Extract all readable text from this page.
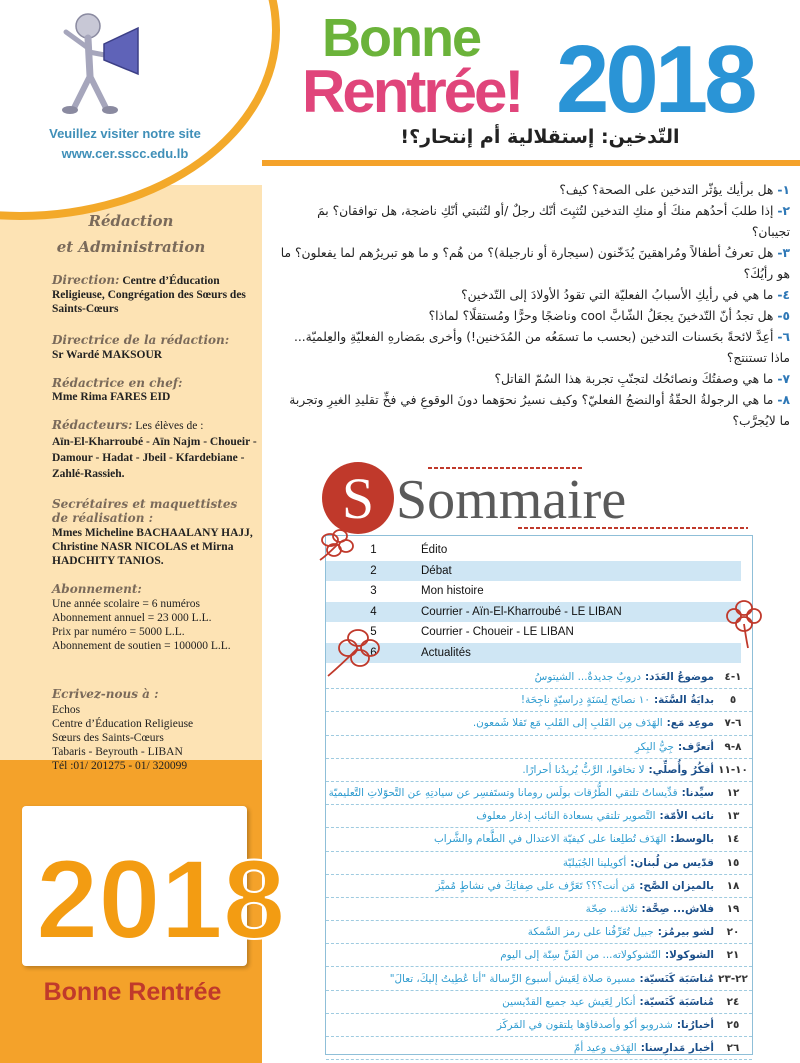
Veuillez visiter notre site
www.cer.sscc.edu.lb
Rédaction
et Administration
Direction: Centre d’Éducation Religieuse, Congrégation des Sœurs des Saints-Cœurs
Directrice de la rédaction:
Sr Wardé MAKSOUR
Rédactrice en chef:
Mme Rima FARES EID
Rédacteurs: Les élèves de :
Aïn-El-Kharroubé - Aïn Najm - Choueir - Damour - Hadat - Jbeil - Kfardebiane - Zahlé-Rassieh.
Secrétaires et maquettistes de réalisation :
Mmes Micheline BACHAALANY HAJJ, Christine NASR NICOLAS et Mirna HADCHITY TANIOS.
Abonnement:
Une année scolaire = 6 numéros
Abonnement annuel = 23 000 L.L.
Prix par numéro = 5000 L.L.
Abonnement de soutien = 100000 L.L.
Ecrivez-nous à :
Echos
Centre d’Éducation Religieuse
Sœurs des Saints-Cœurs
Tabaris - Beyrouth - LIBAN
Tél :01/ 201275 - 01/ 320099
2018
Bonne Rentrée
Bonne
Rentrée! 2018
التّدخين: إستقلالية أم إنتحار؟!

١-هل برأيك يؤثّر التدخين على الصحة؟ كيف؟

٢-إذا طلبَ أحدُهم منكَ أو منكِ التدخين لتُثبِتَ أنّك رجلٌ /أو لتُثبتي أنّكِ ناضجة، هل توافقان؟ بمَ تجيبان؟

٣-هل تعرفُ أطفالاً ومُراهقينَ يُدَخّنون (سيجارة أو نارجيلة)؟ من هُم؟ و ما هو تبريرُهم لما يفعلون؟ ما هو رأيُكَ؟

٤-ما هي في رأيكِ الأسبابُ الفعليّة التي تقودُ الأولادَ إلى التّدخين؟

٥-هل تجدُ أنّ التّدخينَ يجعَلُ الشّابَّ cool وناضجًا وحرًّا ومُستقلًا؟ لماذا؟

٦-أعِدَّ لائحةً بحَسنات التدخين (بحسب ما تسمَعُه من المُدَخنين!) وأخرى بمَضارهِ الفعليّةِ والعِلميّة... ماذا تستنتج؟

٧-ما هي وصفتُكَ ونصائحُك لتجنّبِ تجربة هذا السُمّ القاتل؟

٨-ما هي الرجولةُ الحقّةُ أوالنضجُ الفعليّ؟ وكيف نسيرُ نحوَهما دونَ الوقوعِ في فخِّ تقليدِ الغيرِ وتجربة ما لايُجرَّب؟

S Sommaire
1	Édito
2	Débat
3	Mon histoire
4	Courrier - Aïn-El-Kharroubé - LE LIBAN
5	Courrier - Choueir - LE LIBAN
6	Actualités
١-٤
موضوعُ العَدَد:
دروبٌ جديدةٌ... الشيتوسُ
٥
بدايَةُ السَّنَة:
١٠ نصائح لِسَنَةٍ دِراسيّةٍ ناجِحَة!
٦-٧
موعِد مَع:
الهَدَف مِن القَلبِ إلى القَلبِ مَع تَقلا شَمعون.
٨-٩
أتعرَّف:
جِيُّ البِكرِ
١٠-١١
أفكُرُ وأُصلِّي:
لا تخافوا، الرَّبُّ يُريدُنا أحرارًا.
١٢
سيِّدنا:
قدِّيساتٌ تلتقي الطُّرُقات بولَس رومانا وتستَفسِر عن سيادتِهِ عن التَّحوّلاتِ التَّعليميّة
١٣
نائب الأمّة:
التَّصوير تلتقي بسعادة النائب إدغار معلوف
١٤
بالوسط:
الهَدَف تُطلِعنا على كيفيّة الاعتدال في الطَّعام والشَّراب
١٥
قدّيس من لُبنان:
أكويلينا الجُبَيليّة
١٨
بالميزان الصَّح:
مَن أنت؟؟؟ تَعَرَّف على صِفاتِكَ في نشاطٍ مُميَّز
١٩
فلاش... صِحَّة:
ثلاثة... صِحّة
٢٠
لشو بيرمُز:
جبيل تُعَرِّفُنا على رمز السَّمكة
٢١
الشوكولا:
التّشوكولاته... من الفَنِّ سِنّة إلى اليوم
٢٢-٢٣
مُناسَبَة كَنَسيّة:
مسيرة صلاة لِعَيش أسبوع الرِّسالة "أنا عُطِيتُ إليكَ، تعالَ"
٢٤
مُناسَبَة كَنَسيّة:
أنكار لِعَيش عيد جميع القدّيسين
٢٥
أخبارُنا:
شدروبو أكو وأصدقاؤها يلتقون في المَركَز
٢٦
أخبار مَدارِسنا:
الهَدَف وعيد أمّ
